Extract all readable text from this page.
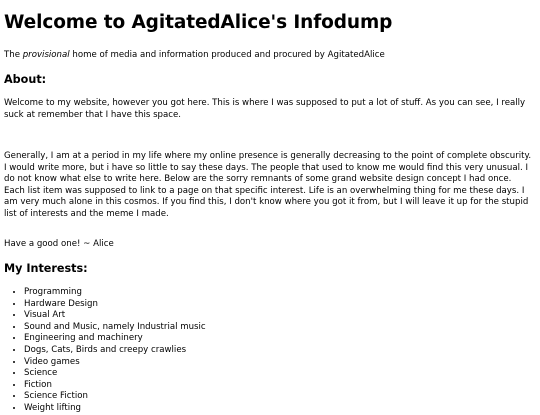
Welcome to AgitatedAlice's Infodump
The provisional home of media and information produced and procured by AgitatedAlice
About:

Welcome to my website, however you got here. This is where I was supposed to put a lot of stuff. As you can see, I really suck at remember that I have this space.

Generally, I am at a period in my life where my online presence is generally decreasing to the point of complete obscurity. I would write more, but i have so little to say these days. The people that used to know me would find this very unusual. I do not know what else to write here. Below are the sorry remnants of some grand website design concept I had once. Each list item was supposed to link to a page on that specific interest. Life is an overwhelming thing for me these days. I am very much alone in this cosmos. If you find this, I don't know where you got it from, but I will leave it up for the stupid list of interests and the meme I made.

Have a good one! ~ Alice

My Interests:
• Programming
• Hardware Design
• Visual Art
• Sound and Music, namely Industrial music
• Engineering and machinery
• Dogs, Cats, Birds and creepy crawlies
• Video games
• Science
• Fiction
• Science Fiction
• Weight lifting
